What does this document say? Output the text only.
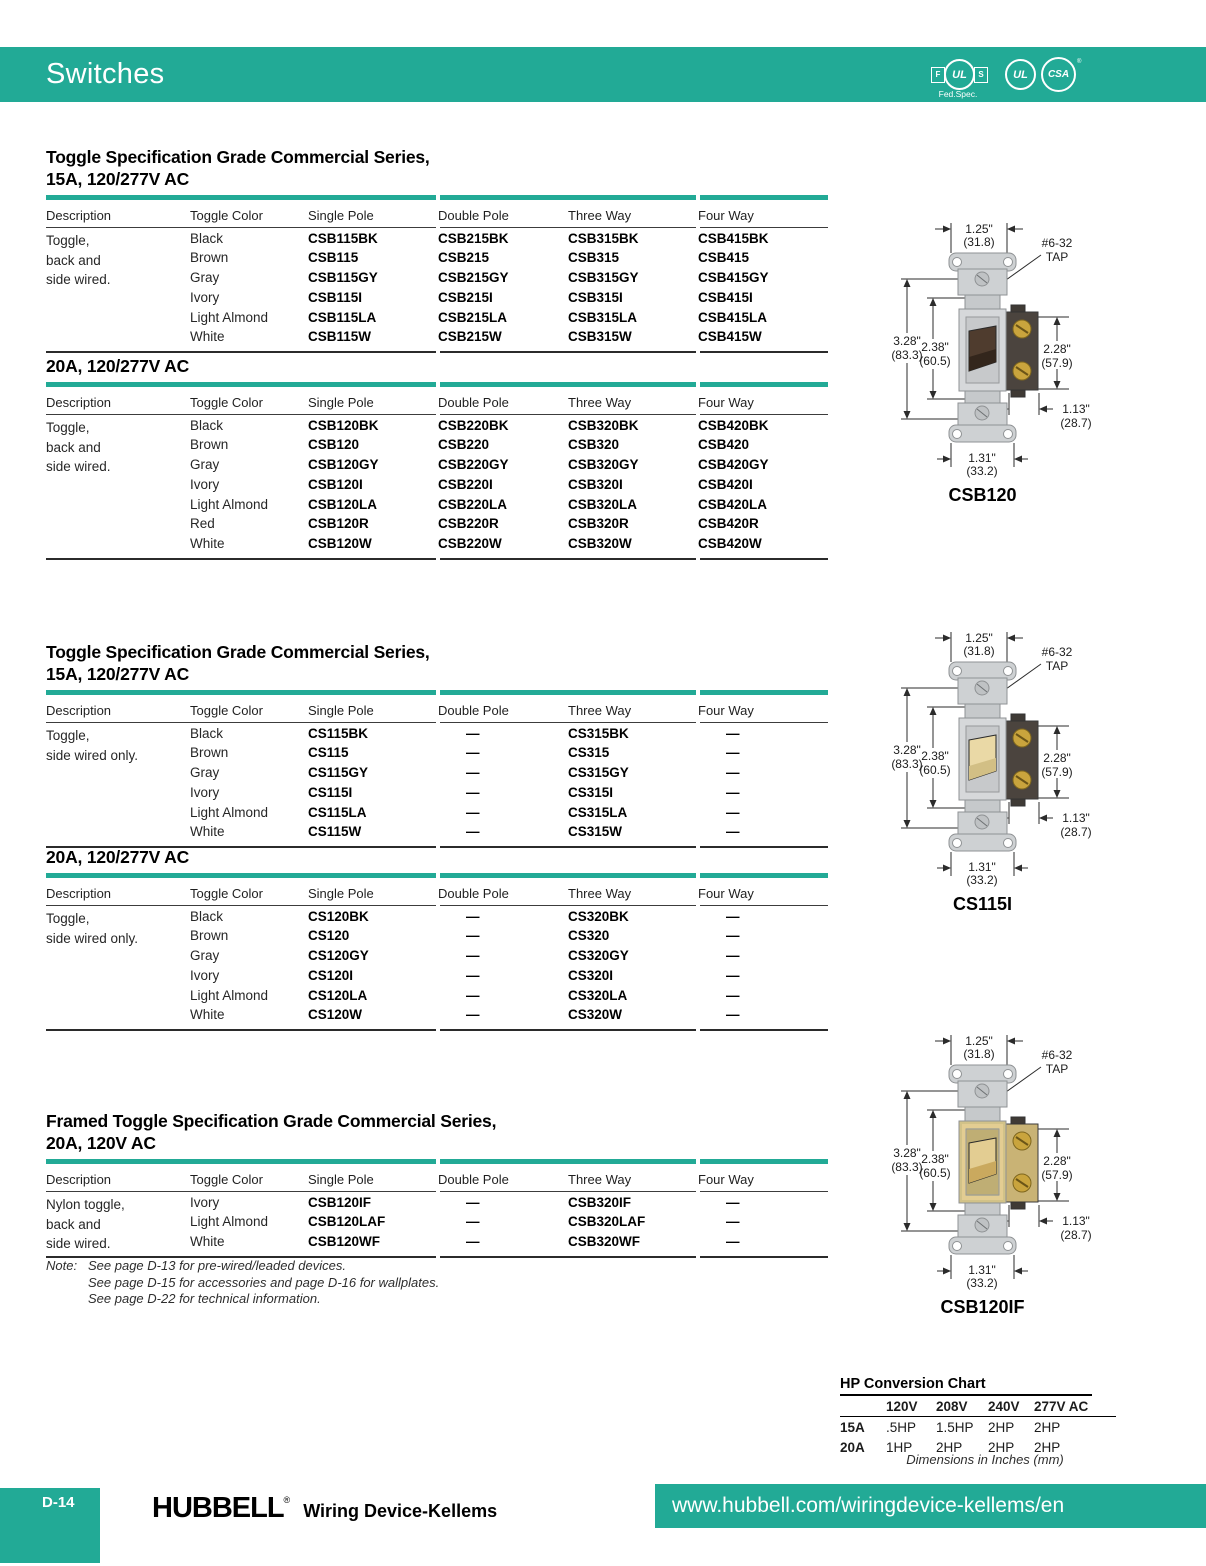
Switches	F	UL	S
Fed.Spec.
UL	CSA
®
Toggle Specification Grade Commercial Series,
15A, 120/277V AC
Description	Toggle Color	Single Pole	Double Pole	Three Way	Four Way
Toggle,
back and
side wired.
Black	CSB115BK	CSB215BK	CSB315BK	CSB415BK
Brown	CSB115	CSB215	CSB315	CSB415
Gray	CSB115GY	CSB215GY	CSB315GY	CSB415GY
Ivory	CSB115I	CSB215I	CSB315I	CSB415I
Light Almond	CSB115LA	CSB215LA	CSB315LA	CSB415LA
White	CSB115W	CSB215W	CSB315W	CSB415W
20A, 120/277V AC
Description	Toggle Color	Single Pole	Double Pole	Three Way	Four Way
Toggle,
back and
side wired.
Black	CSB120BK	CSB220BK	CSB320BK	CSB420BK
Brown	CSB120	CSB220	CSB320	CSB420
Gray	CSB120GY	CSB220GY	CSB320GY	CSB420GY
Ivory	CSB120I	CSB220I	CSB320I	CSB420I
Light Almond	CSB120LA	CSB220LA	CSB320LA	CSB420LA
Red	CSB120R	CSB220R	CSB320R	CSB420R
White	CSB120W	CSB220W	CSB320W	CSB420W
Toggle Specification Grade Commercial Series,
15A, 120/277V AC
Description	Toggle Color	Single Pole	Double Pole	Three Way	Four Way
Toggle,
side wired only.
Black	CS115BK	—	CS315BK	—
Brown	CS115	—	CS315	—
Gray	CS115GY	—	CS315GY	—
Ivory	CS115I	—	CS315I	—
Light Almond	CS115LA	—	CS315LA	—
White	CS115W	—	CS315W	—
20A, 120/277V AC
Description	Toggle Color	Single Pole	Double Pole	Three Way	Four Way
Toggle,
side wired only.
Black	CS120BK	—	CS320BK	—
Brown	CS120	—	CS320	—
Gray	CS120GY	—	CS320GY	—
Ivory	CS120I	—	CS320I	—
Light Almond	CS120LA	—	CS320LA	—
White	CS120W	—	CS320W	—
Framed Toggle Specification Grade Commercial Series,
20A, 120V AC
Description	Toggle Color	Single Pole	Double Pole	Three Way	Four Way
Nylon toggle,
back and
side wired.
Ivory	CSB120IF	—	CSB320IF	—
Light Almond	CSB120LAF	—	CSB320LAF	—
White	CSB120WF	—	CSB320WF	—
Note: See page D-13 for pre-wired/leaded devices.
See page D-15 for accessories and page D-16 for wallplates.
See page D-22 for technical information.
1.25"
(31.8)	#6-32
TAP
3.28"
(83.3)
2.38"
(60.5)
2.28"
(57.9)
1.13"
(28.7)
1.31"
(33.2)
CSB120
1.25"
(31.8)	#6-32
TAP
3.28"
(83.3)
2.38"
(60.5)
2.28"
(57.9)
1.13"
(28.7)
1.31"
(33.2)
CS115I
1.25"
(31.8)	#6-32
TAP
3.28"
(83.3)
2.38"
(60.5)
2.28"
(57.9)
1.13"
(28.7)
1.31"
(33.2)
CSB120IF
HP Conversion Chart
120V	208V	240V	277V AC
15A	.5HP	1.5HP	2HP	2HP
20A	1HP	2HP	2HP	2HP
Dimensions in Inches (mm)
D-14	HUBBELL ®
Wiring Device-Kellems	www.hubbell.com/wiringdevice-kellems/en
